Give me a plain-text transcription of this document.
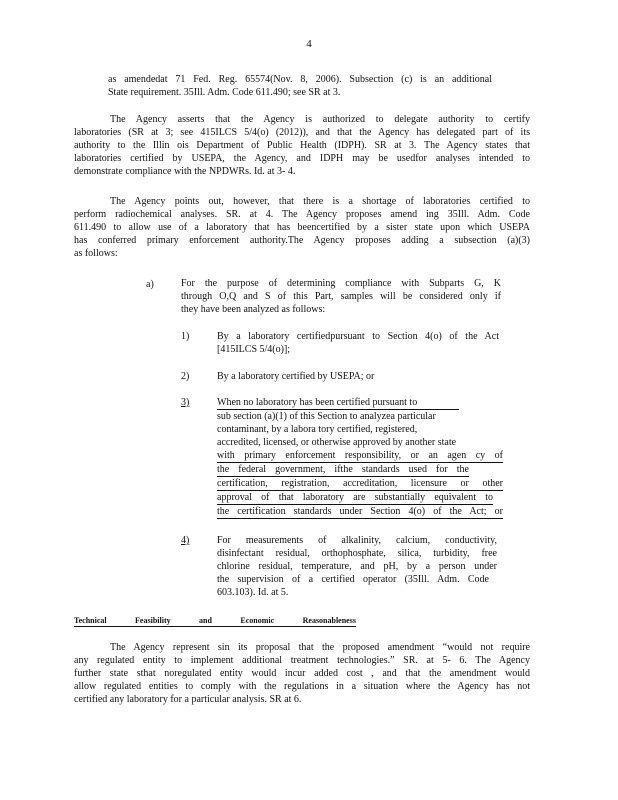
4
as amendedat 71 Fed. Reg. 65574(Nov. 8, 2006). Subsection (c) is an additional
State requirement. 35Ill. Adm. Code 611.490; see SR at 3.
The Agency asserts that the Agency is authorized to delegate authority to certify
laboratories (SR at 3; see 415ILCS 5/4(o) (2012)), and that the Agency has delegated part of its
authority to the Illin ois Department of Public Health (IDPH). SR at 3. The Agency states that
laboratories certified by USEPA, the Agency, and IDPH may be usedfor analyses intended to
demonstrate compliance with the NPDWRs. Id. at 3- 4.
The Agency points out, however, that there is a shortage of laboratories certified to
perform radiochemical analyses. SR. at 4. The Agency proposes amend ing 35Ill. Adm. Code
611.490 to allow use of a laboratory that has beencertified by a sister state upon which USEPA
has conferred primary enforcement authority.The Agency proposes adding a subsection (a)(3)
as follows:
a)	For the purpose of determining compliance with Subparts G, K
through O,Q and S of this Part, samples will be considered only if
they have been analyzed as follows:
1)	By a laboratory certifiedpursuant to Section 4(o) of the Act
[415ILCS 5/4(o)];
2)	By a laboratory certified by USEPA; or
3)	When no laboratory has been certified pursuant to
sub section (a)(1) of this Section to analyzea particular
contaminant, by a labora tory certified, registered,
accredited, licensed, or otherwise approved by another state
with primary enforcement responsibility, or an agen cy of
the federal government, ifthe standards used for the
certification, registration, accreditation, licensure or other
approval of that laboratory are substantially equivalent to
the certification standards under Section 4(o) of the Act; or
4)	For measurements of alkalinity, calcium, conductivity,
disinfectant residual, orthophosphate, silica, turbidity, free
chlorine residual, temperature, and pH, by a person under
the supervision of a certified operator (35Ill. Adm. Code
603.103). Id. at 5.
Technical	Feasibility	and	Economic	Reasonableness
The Agency represent sin its proposal that the proposed amendment “would not require
any regulated entity to implement additional treatment technologies.” SR. at 5- 6. The Agency
further state sthat noregulated entity would incur added cost , and that the amendment would
allow regulated entities to comply with the regulations in a situation where the Agency has not
certified any laboratory for a particular analysis. SR at 6.
